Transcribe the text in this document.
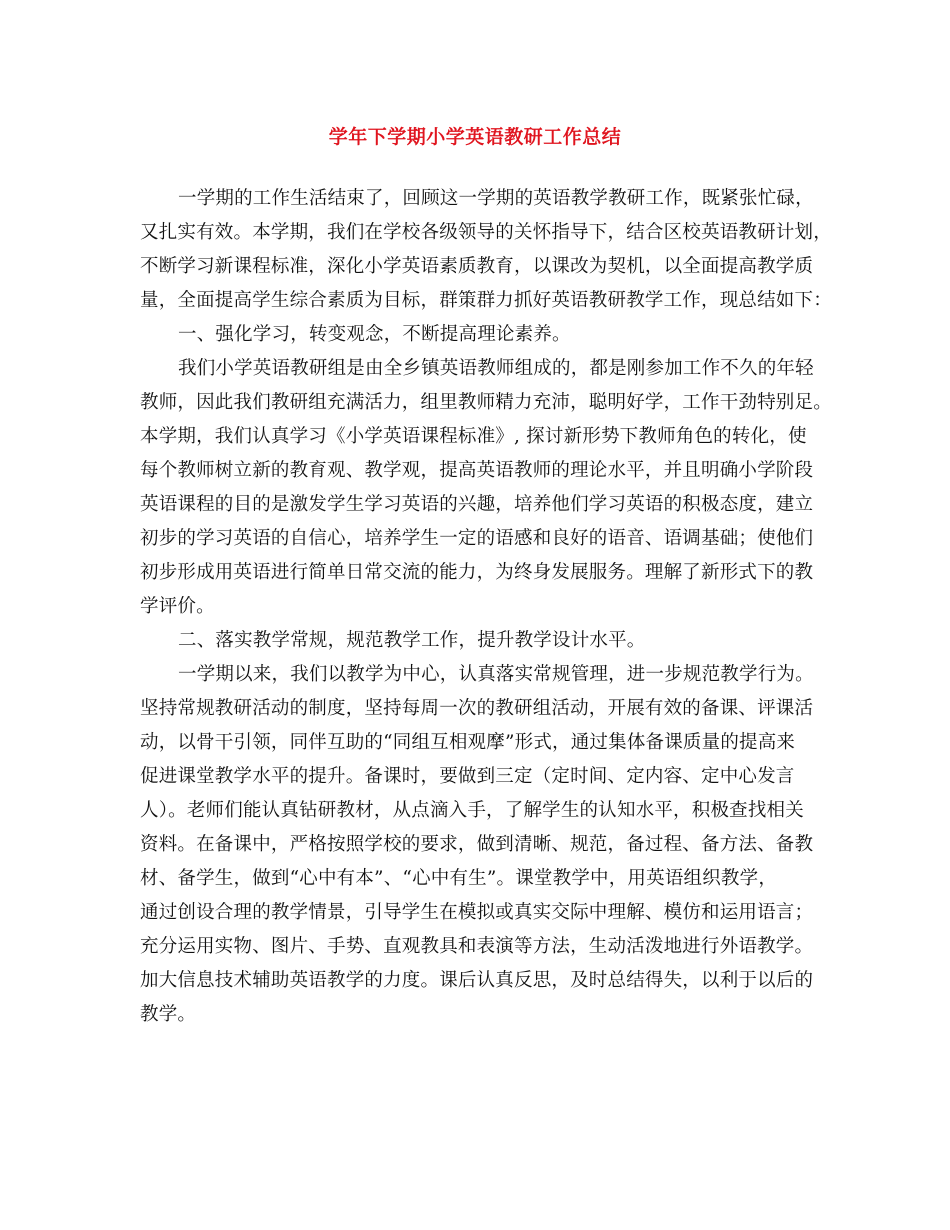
学年下学期小学英语教研工作总结
一学期的工作生活结束了，回顾这一学期的英语教学教研工作，既紧张忙碌，
又扎实有效。本学期，我们在学校各级领导的关怀指导下，结合区校英语教研计划，
不断学习新课程标准，深化小学英语素质教育，以课改为契机，以全面提高教学质
量，全面提高学生综合素质为目标，群策群力抓好英语教研教学工作，现总结如下：
一、强化学习，转变观念，不断提高理论素养。
我们小学英语教研组是由全乡镇英语教师组成的，都是刚参加工作不久的年轻
教师，因此我们教研组充满活力，组里教师精力充沛，聪明好学，工作干劲特别足。
本学期，我们认真学习《小学英语课程标准》, 探讨新形势下教师角色的转化，使
每个教师树立新的教育观、教学观，提高英语教师的理论水平，并且明确小学阶段
英语课程的目的是激发学生学习英语的兴趣，培养他们学习英语的积极态度，建立
初步的学习英语的自信心，培养学生一定的语感和良好的语音、语调基础；使他们
初步形成用英语进行简单日常交流的能力，为终身发展服务。理解了新形式下的教
学评价。
二、落实教学常规，规范教学工作，提升教学设计水平。
一学期以来，我们以教学为中心，认真落实常规管理，进一步规范教学行为。
坚持常规教研活动的制度，坚持每周一次的教研组活动，开展有效的备课、评课活
动，以骨干引领，同伴互助的“同组互相观摩”形式，通过集体备课质量的提高来
促进课堂教学水平的提升。备课时，要做到三定（定时间、定内容、定中心发言
人）。老师们能认真钻研教材，从点滴入手，了解学生的认知水平，积极查找相关
资料。在备课中，严格按照学校的要求，做到清晰、规范，备过程、备方法、备教
材、备学生，做到“心中有本”、“心中有生”。课堂教学中，用英语组织教学，
通过创设合理的教学情景，引导学生在模拟或真实交际中理解、模仿和运用语言；
充分运用实物、图片、手势、直观教具和表演等方法，生动活泼地进行外语教学。
加大信息技术辅助英语教学的力度。课后认真反思，及时总结得失，以利于以后的
教学。
